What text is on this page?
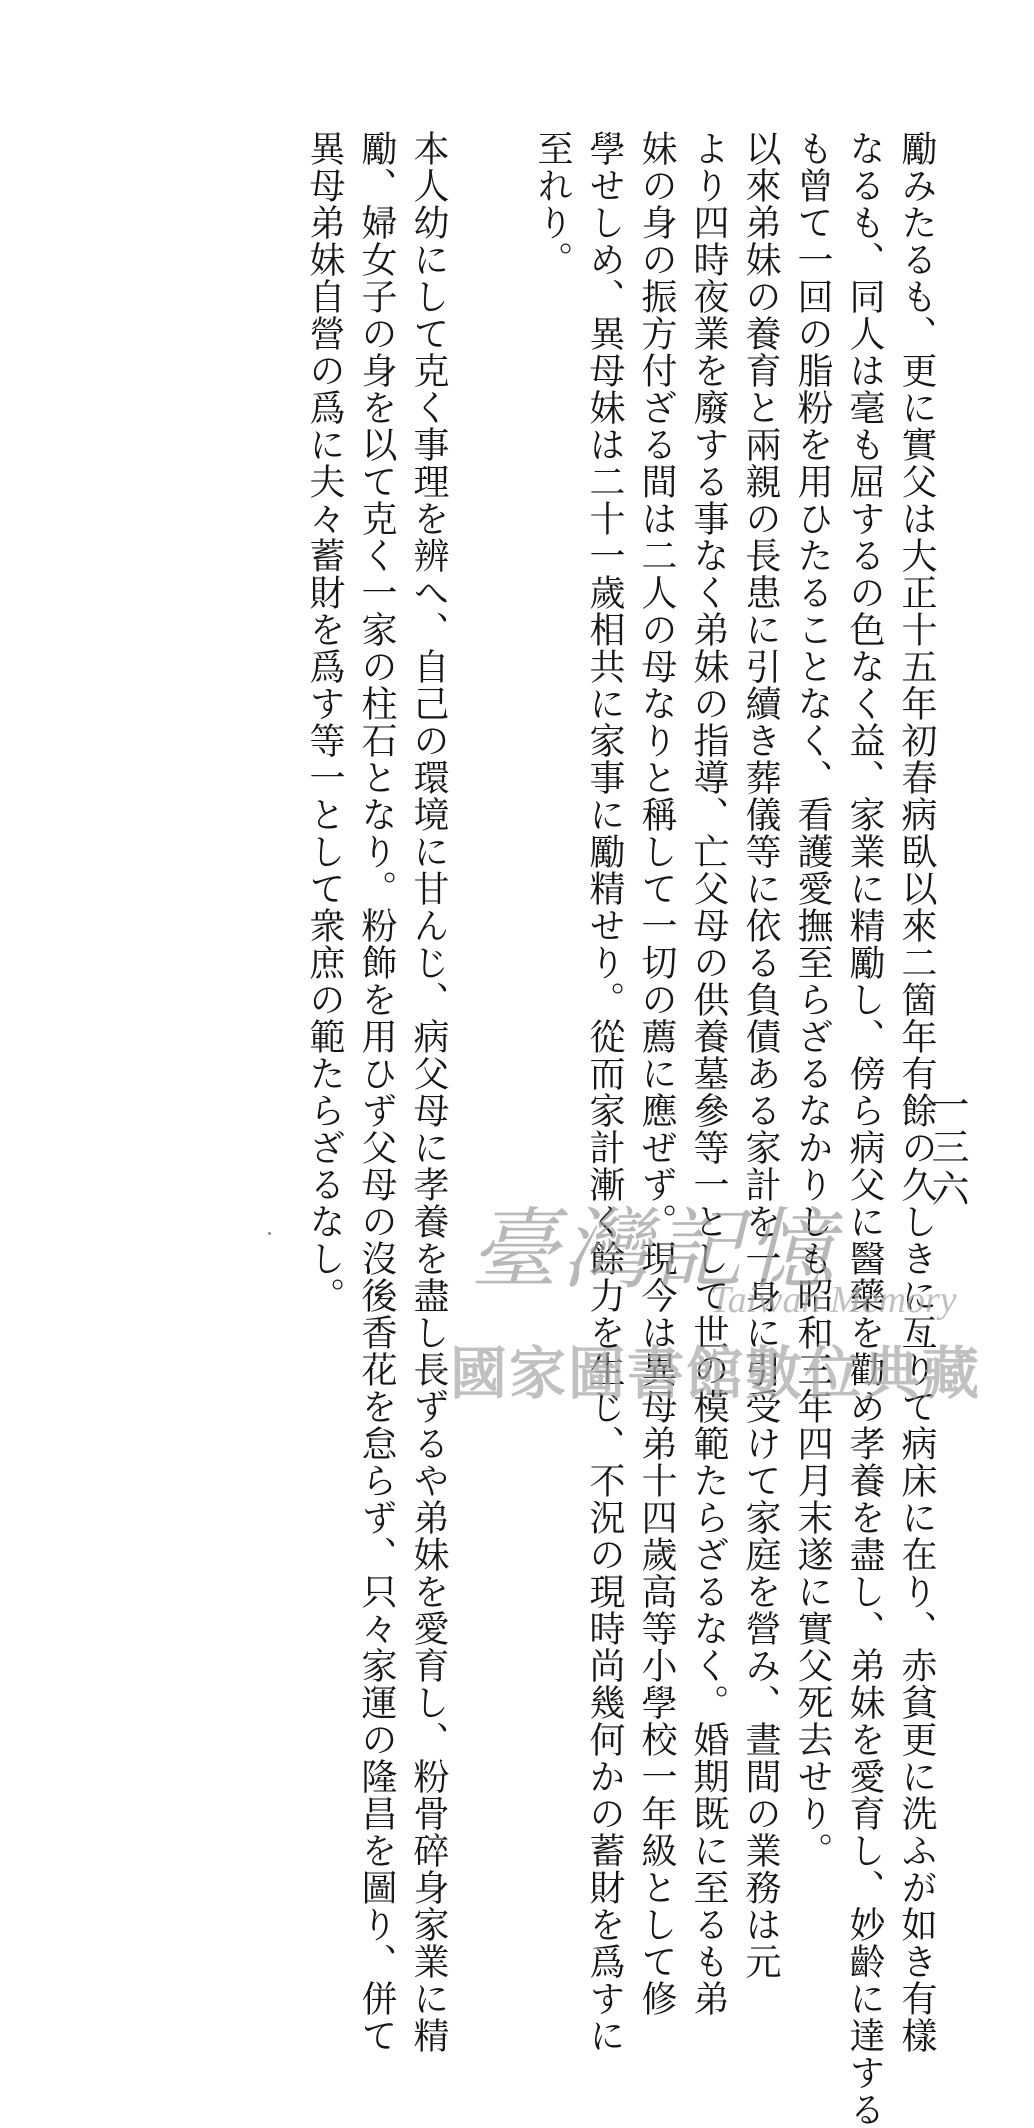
勵みたるも、更に實父は大正十五年初春病臥以來二箇年有餘の久しきに亙りて病床に在り、赤貧更に洗ふが如き有樣

なるも、同人は毫も屈するの色なく益、家業に精勵し、傍ら病父に醫藥を勸め孝養を盡し、弟妹を愛育し、妙齡に達する

も曾て一回の脂粉を用ひたることなく、看護愛撫至らざるなかりしも昭和三年四月末遂に實父死去せり。

以來弟妹の養育と兩親の長患に引續き葬儀等に依る負債ある家計を一身に引受けて家庭を營み、晝間の業務は元

より四時夜業を廢する事なく弟妹の指導、亡父母の供養墓參等一として世の模範たらざるなく。婚期既に至るも弟

妹の身の振方付ざる間は二人の母なりと稱して一切の薦に應ぜず。現今は異母弟十四歲高等小學校一年級として修

學せしめ、異母妹は二十一歲相共に家事に勵精せり。從而家計漸く餘力を生じ、不況の現時尚幾何かの蓄財を爲すに

至れり。

本人幼にして克く事理を辨へ、自己の環境に甘んじ、病父母に孝養を盡し長ずるや弟妹を愛育し、粉骨碎身家業に精

勵、婦女子の身を以て克く一家の柱石となり。粉飾を用ひず父母の沒後香花を怠らず、只々家運の隆昌を圖り、併て

異母弟妹自營の爲に夫々蓄財を爲す等一として衆庶の範たらざるなし。	一三六
臺灣記憶
Taiwan Memory
國家圖書館數位典藏
